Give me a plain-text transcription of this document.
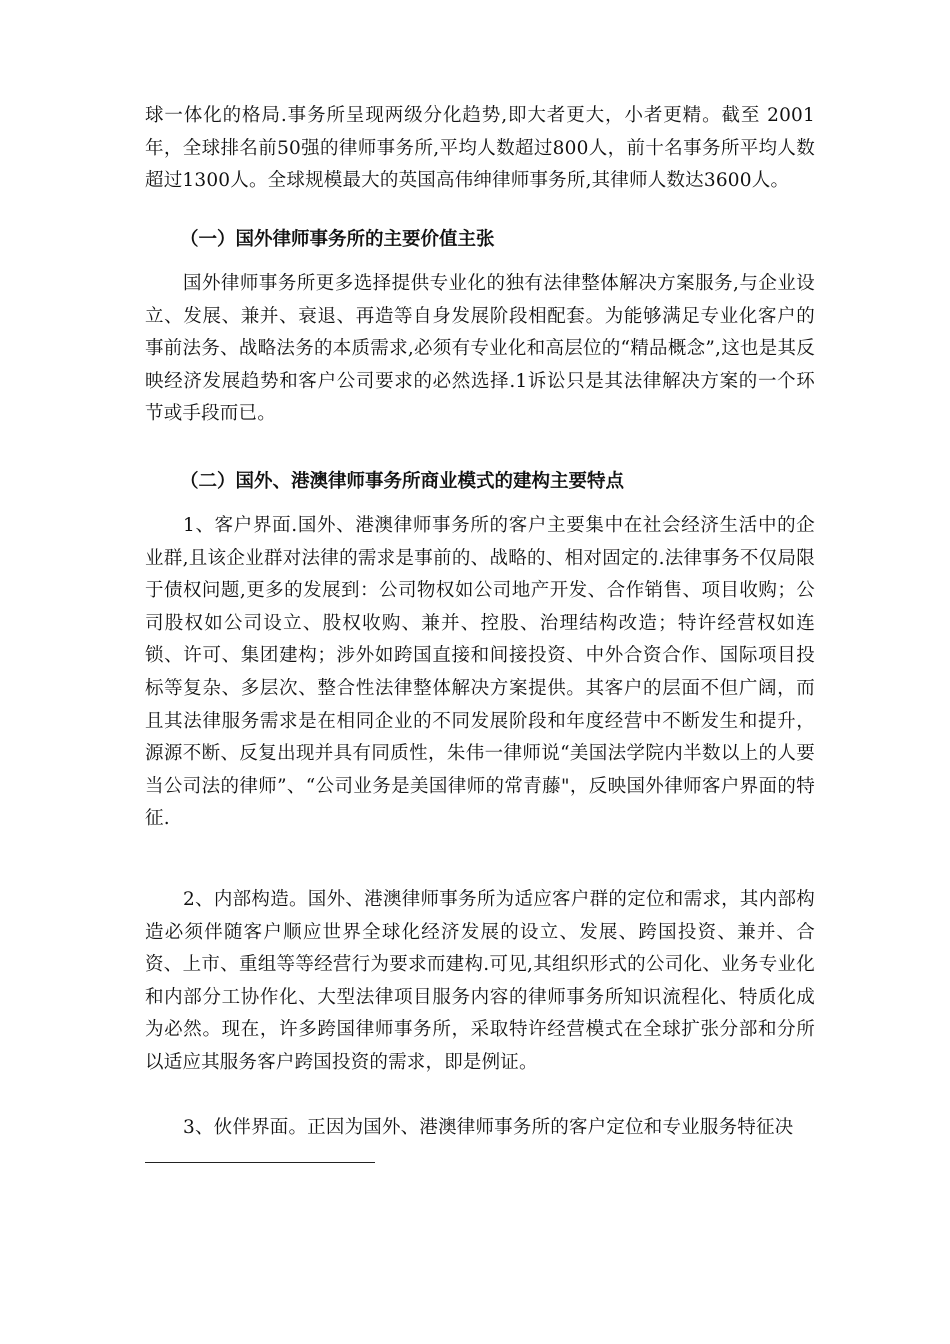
球一体化的格局.事务所呈现两级分化趋势,即大者更大，小者更精。截至 2001年，全球排名前50强的律师事务所,平均人数超过800人，前十名事务所平均人数超过1300人。全球规模最大的英国高伟绅律师事务所,其律师人数达3600人。

（一）国外律师事务所的主要价值主张

国外律师事务所更多选择提供专业化的独有法律整体解决方案服务,与企业设立、发展、兼并、衰退、再造等自身发展阶段相配套。为能够满足专业化客户的事前法务、战略法务的本质需求,必须有专业化和高层位的“精品概念”,这也是其反映经济发展趋势和客户公司要求的必然选择.1诉讼只是其法律解决方案的一个环节或手段而已。

（二）国外、港澳律师事务所商业模式的建构主要特点

1、客户界面.国外、港澳律师事务所的客户主要集中在社会经济生活中的企业群,且该企业群对法律的需求是事前的、战略的、相对固定的.法律事务不仅局限于债权问题,更多的发展到：公司物权如公司地产开发、合作销售、项目收购；公司股权如公司设立、股权收购、兼并、控股、治理结构改造；特许经营权如连锁、许可、集团建构；涉外如跨国直接和间接投资、中外合资合作、国际项目投标等复杂、多层次、整合性法律整体解决方案提供。其客户的层面不但广阔，而且其法律服务需求是在相同企业的不同发展阶段和年度经营中不断发生和提升，源源不断、反复出现并具有同质性，朱伟一律师说“美国法学院内半数以上的人要当公司法的律师”、“公司业务是美国律师的常青藤"，反映国外律师客户界面的特征.

2、内部构造。国外、港澳律师事务所为适应客户群的定位和需求，其内部构造必须伴随客户顺应世界全球化经济发展的设立、发展、跨国投资、兼并、合资、上市、重组等等经营行为要求而建构.可见,其组织形式的公司化、业务专业化和内部分工协作化、大型法律项目服务内容的律师事务所知识流程化、特质化成为必然。现在，许多跨国律师事务所，采取特许经营模式在全球扩张分部和分所以适应其服务客户跨国投资的需求，即是例证。

3、伙伴界面。正因为国外、港澳律师事务所的客户定位和专业服务特征决
